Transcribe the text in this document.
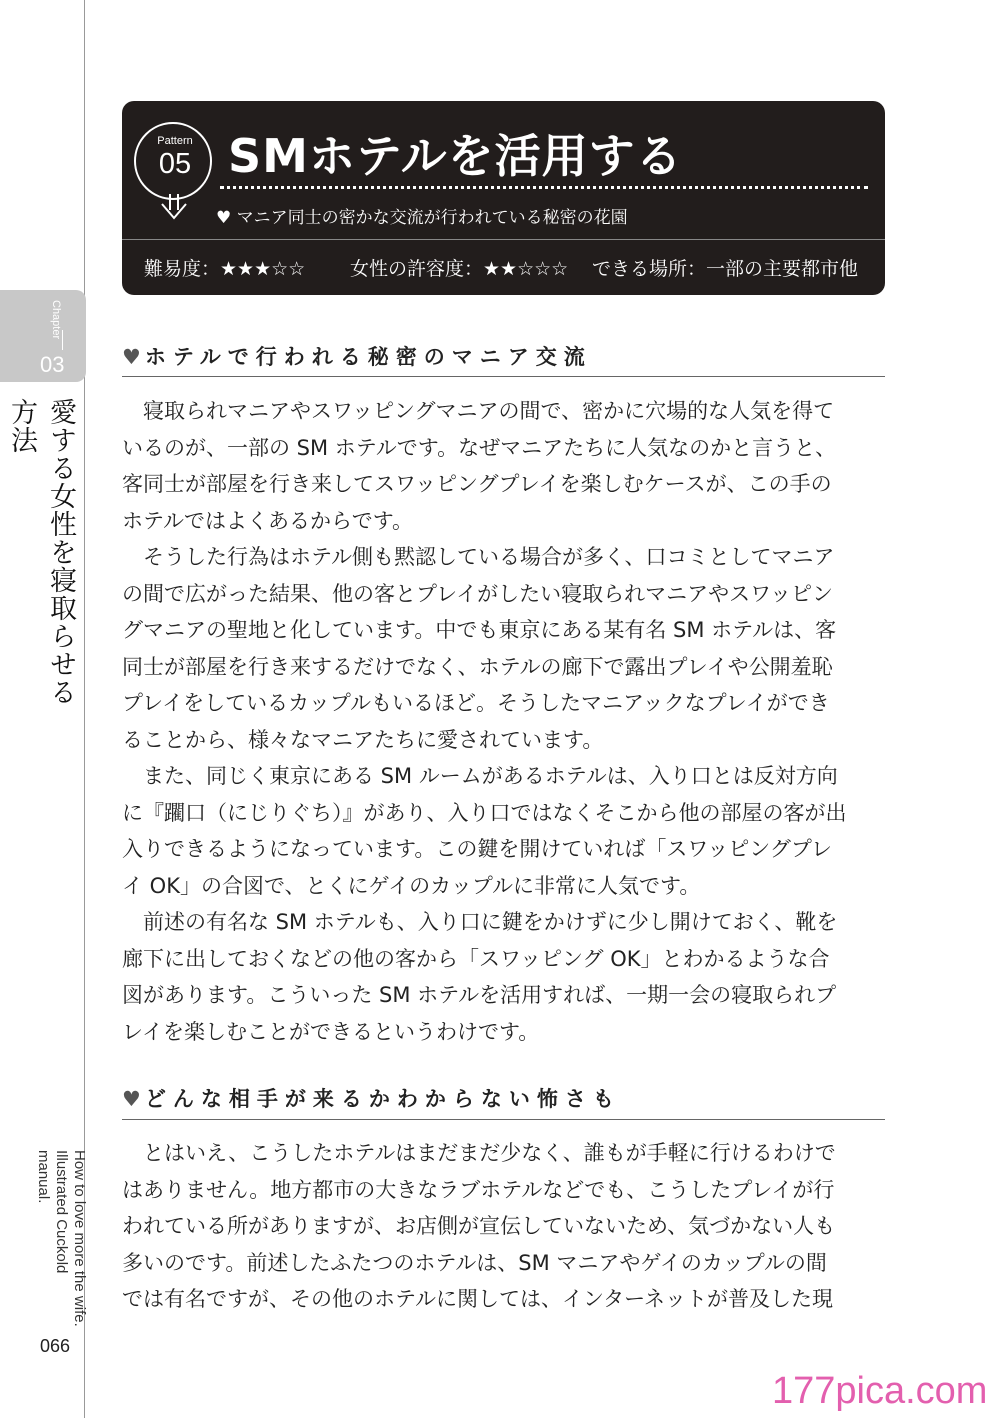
Chapter
03
愛する女性を寝取らせる方法
How to love more the wife.
Illustrated Cuckold manual.
066
Pattern
05 SMホテルを活用する
♥ マニア同士の密かな交流が行われている秘密の花園
難易度：★★★☆☆	女性の許容度：★★☆☆☆	できる場所：一部の主要都市他
♥ ホテルで行われる秘密のマニア交流
　寝取られマニアやスワッピングマニアの間で、密かに穴場的な人気を得て
いるのが、一部の SM ホテルです。なぜマニアたちに人気なのかと言うと、
客同士が部屋を行き来してスワッピングプレイを楽しむケースが、この手の
ホテルではよくあるからです。
　そうした行為はホテル側も黙認している場合が多く、口コミとしてマニア
の間で広がった結果、他の客とプレイがしたい寝取られマニアやスワッピン
グマニアの聖地と化しています。中でも東京にある某有名 SM ホテルは、客
同士が部屋を行き来するだけでなく、ホテルの廊下で露出プレイや公開羞恥
プレイをしているカップルもいるほど。そうしたマニアックなプレイができ
ることから、様々なマニアたちに愛されています。
　また、同じく東京にある SM ルームがあるホテルは、入り口とは反対方向
に『躙口（にじりぐち）』があり、入り口ではなくそこから他の部屋の客が出
入りできるようになっています。この鍵を開けていれば「スワッピングプレ
イ OK」の合図で、とくにゲイのカップルに非常に人気です。
　前述の有名な SM ホテルも、入り口に鍵をかけずに少し開けておく、靴を
廊下に出しておくなどの他の客から「スワッピング OK」とわかるような合
図があります。こういった SM ホテルを活用すれば、一期一会の寝取られプ
レイを楽しむことができるというわけです。
♥ どんな相手が来るかわからない怖さも
　とはいえ、こうしたホテルはまだまだ少なく、誰もが手軽に行けるわけで
はありません。地方都市の大きなラブホテルなどでも、こうしたプレイが行
われている所がありますが、お店側が宣伝していないため、気づかない人も
多いのです。前述したふたつのホテルは、SM マニアやゲイのカップルの間
では有名ですが、その他のホテルに関しては、インターネットが普及した現
177pica.com
